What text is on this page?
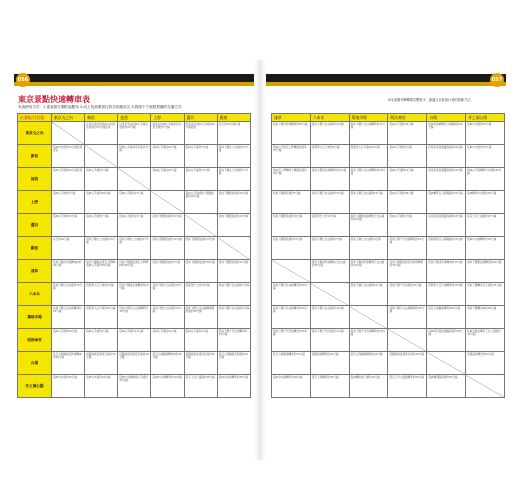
056	057
東京景點快速轉車表
本表使用方法：1.從表格左側的起點站 2.向上找到要前往的目的地站名 3.對照下方表格對應的交通方式
※本表僅列舉轉乘次數較少，最適合自助旅行者的路線方法。
出發點/目的地	東京丸之內	新宿	池袋	上野	澀谷	銀座
東京丸之內		往東京車站搭乘JR中央線往新宿約15分鐘抵達	往東京車站搭JR山手線往池袋約25分鐘	從東京搭JR山手線或京浜東北線約7分鐘	從東京搭乘JR山手線約25分鐘抵達	步行約10分鐘可達
新宿	搭JR中央線約15分鐘抵達東京		搭JR山手線或埼京線約7分鐘	搭JR山手線約25分鐘	搭JR山手線約7分鐘	搭地下鐵丸之內線約15分鐘
池袋	搭JR山手線約25分鐘抵達	搭JR山手線約7分鐘		搭JR山手線約15分鐘	搭JR山手線約15分鐘	搭地下鐵丸之內線約17分鐘
上野	搭JR山手線約7分鐘	搭JR山手線約25分鐘	搭JR山手線約15分鐘		搭JR山手線或地下鐵銀座線約30分鐘	搭地下鐵銀座線約10分鐘
澀谷	搭JR山手線約25分鐘	搭JR山手線約7分鐘	搭JR山手線約15分鐘	搭地下鐵銀座線約30分鐘		搭地下鐵銀座線約15分鐘
銀座	步行約10分鐘	搭地下鐵丸之內線約15分鐘	搭地下鐵丸之內線約17分鐘	搭地下鐵銀座線約10分鐘	搭地下鐵銀座線約15分鐘	
淺草	搭地下鐵淺草線轉乘JR約20分鐘	搭地下鐵銀座線至上野轉乘JR山手線約35分鐘	搭地下鐵銀座線至上野轉JR約30分鐘	搭地下鐵銀座線約5分鐘	搭地下鐵銀座線約30分鐘	搭地下鐵銀座線約15分鐘
六本木	搭地下鐵日比谷線約15分鐘	搭都營大江戶線約9分鐘	搭地下鐵南北線轉乘約25分鐘	搭地下鐵日比谷線約15分鐘	搭都營巴士約15分鐘	搭地下鐵日比谷線約7分鐘
築地市場	搭地下鐵日比谷線轉乘約15分鐘	搭都營大江戶線約20分鐘	搭地下鐵日比谷線轉乘約30分鐘	搭地下鐵日比谷線約15分鐘	搭地下鐵日比谷線轉乘銀座線約20分鐘	搭地下鐵日比谷線約3分鐘
明治神宮	搭JR山手線約30分鐘	搭JR山手線約4分鐘	搭JR山手線約12分鐘	搭JR山手線約30分鐘	搭JR山手線約2分鐘	搭地下鐵千代田線轉乘約15分鐘
台場	搭百合海鷗線至新橋轉JR約20分鐘	搭臨海線直通埼京線約30分鐘	搭臨海線直通埼京線約40分鐘	搭百合海鷗線轉乘JR約30分鐘	搭臨海線直通埼京線約25分鐘	搭百合海鷗線至新橋約15分鐘
井之頭公園	搭JR中央線約30分鐘	搭JR中央線約15分鐘	搭JR中央線轉乘山手線約25分鐘	搭JR中央線轉乘約40分鐘	搭京王井之頭線約25分鐘	搭JR中央線轉乘約35分鐘
淺草	六本木	築地市場	明治神宮	台場	井之頭公園
搭地下鐵淺草線轉乘約20分鐘	搭地下鐵日比谷線約15分鐘	搭地下鐵日比谷線轉乘約15分鐘	搭JR山手線約30分鐘	搭JR至新橋轉百合海鷗線約20分鐘	搭JR中央線約30分鐘
搭JR山手線至上野轉銀座線約35分鐘	搭都營大江戶線約9分鐘	搭都營大江戶線約20分鐘	搭JR山手線約4分鐘	搭埼京線直通臨海線約30分鐘	搭JR中央線約15分鐘
搭JR至上野轉地下鐵銀座線約30分鐘	搭地下鐵南北線轉乘約25分鐘	搭地下鐵日比谷線轉乘約30分鐘	搭JR山手線約12分鐘	搭埼京線直通臨海線約40分鐘	搭JR山手線轉乘中央線約25分鐘
搭地下鐵銀座線約5分鐘	搭地下鐵日比谷線約15分鐘	搭地下鐵日比谷線約15分鐘	搭JR山手線約30分鐘	搭JR轉乘百合海鷗線約30分鐘	搭JR轉乘中央線約40分鐘
搭地下鐵銀座線約30分鐘	搭都營巴士約15分鐘	搭地下鐵銀座線轉乘日比谷線約20分鐘	搭JR山手線約2分鐘	搭埼京線直通臨海線約25分鐘	搭京王井之頭線約25分鐘
搭地下鐵銀座線約15分鐘	搭地下鐵日比谷線約7分鐘	搭地下鐵日比谷線約3分鐘	搭地下鐵千代田線轉乘約15分鐘	從新橋搭百合海鷗線約15分鐘	搭JR中央線轉乘約35分鐘
	搭地下鐵淺草線轉乘日比谷線約30分鐘	搭地下鐵淺草線轉乘日比谷線約20分鐘	搭地下鐵銀座線至表參道轉乘約30分鐘	搭地下鐵淺草線轉乘約35分鐘	搭地下鐵銀座線轉乘約50分鐘
搭地下鐵日比谷線轉乘約30分鐘		搭地下鐵日比谷線約10分鐘	搭地下鐵千代田線約10分鐘	搭都營大江戶線轉乘約25分鐘	搭地下鐵轉乘京王線約35分鐘
搭地下鐵日比谷線轉乘約20分鐘	搭地下鐵日比谷線約10分鐘		搭地下鐵日比谷線轉乘約20分鐘	搭百合海鷗線轉乘約20分鐘	搭地下鐵轉乘JR約45分鐘
搭地下鐵千代田線轉乘約30分鐘	搭地下鐵千代田線約10分鐘	搭地下鐵千代田線轉乘約20分鐘		搭JR埼京線直通臨海線約30分鐘	搭JR至澀谷轉京王井之頭線約30分鐘
搭百合海鷗線轉乘約35分鐘	搭臨海線轉乘約25分鐘	搭百合海鷗線轉乘約20分鐘	搭臨海線直通埼京線約30分鐘		搭臨海線轉乘約50分鐘
搭JR中央線轉乘約50分鐘	搭京王線轉乘約35分鐘	搭JR轉乘地下鐵約45分鐘	搭京王井之頭線轉乘約30分鐘	搭JR轉乘臨海線約50分鐘	
